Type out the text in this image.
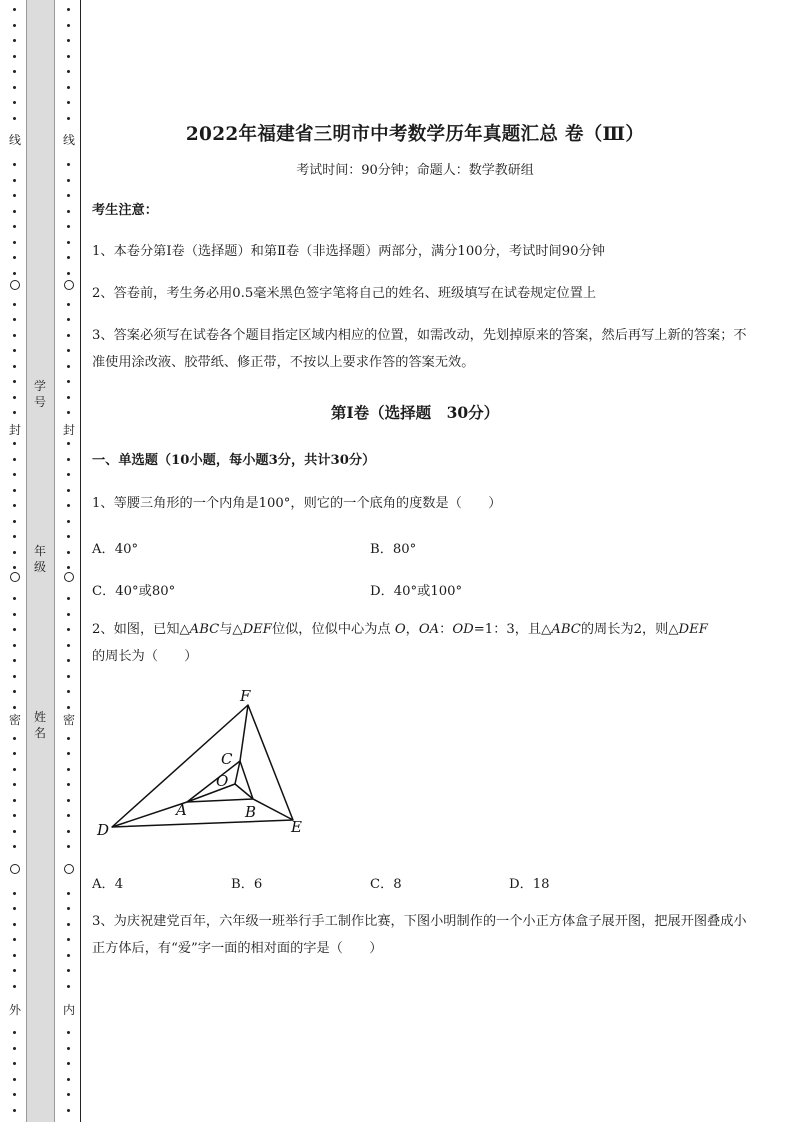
线
封
密
外
学 号
年 级
姓 名
线
封
密
内
2022年福建省三明市中考数学历年真题汇总 卷（Ⅲ）
考试时间：90分钟；命题人：数学教研组
考生注意：
1、本卷分第Ⅰ卷（选择题）和第Ⅱ卷（非选择题）两部分，满分100分，考试时间90分钟
2、答卷前，考生务必用0.5毫米黑色签字笔将自己的姓名、班级填写在试卷规定位置上
3、答案必须写在试卷各个题目指定区域内相应的位置，如需改动，先划掉原来的答案，然后再写上新的答案；不准使用涂改液、胶带纸、修正带，不按以上要求作答的答案无效。
第Ⅰ卷（选择题　30分）
一、单选题（10小题，每小题3分，共计30分）
1、等腰三角形的一个内角是100°，则它的一个底角的度数是（　　）
A．40°	B．80°
C．40°或80°	D．40°或100°
2、如图，已知△ABC与△DEF位似，位似中心为点 O，OA：OD=1：3，且△ABC的周长为2，则△DEF
的周长为（　　）
F
C
O
A	B
D	E
A．4	B．6	C．8	D．18
3、为庆祝建党百年，六年级一班举行手工制作比赛，下图小明制作的一个小正方体盒子展开图，把展开图叠成小正方体后，有“爱”字一面的相对面的字是（　　）
